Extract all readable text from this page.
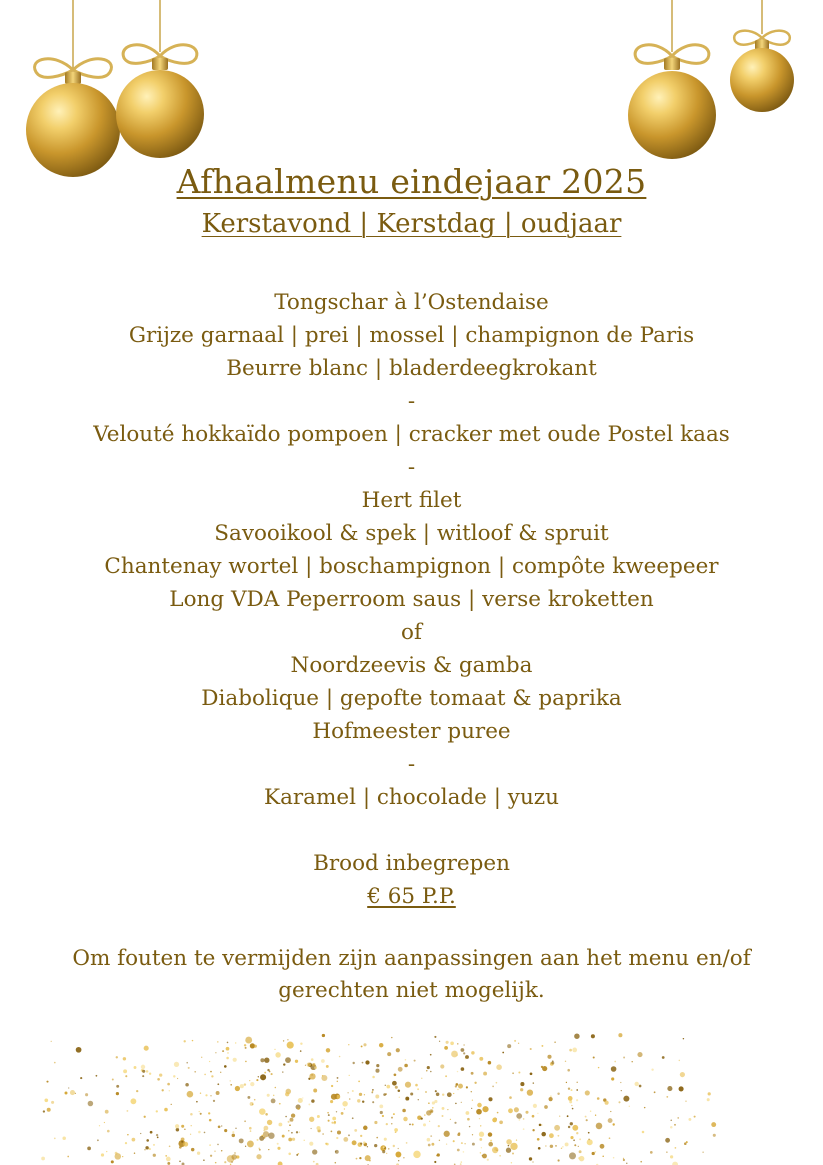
Afhaalmenu eindejaar 2025
Kerstavond | Kerstdag | oudjaar
Tongschar à l’Ostendaise
Grijze garnaal | prei | mossel | champignon de Paris
Beurre blanc | bladerdeegkrokant
-
Velouté hokkaïdo pompoen | cracker met oude Postel kaas
-
Hert filet
Savooikool & spek | witloof & spruit
Chantenay wortel | boschampignon | compôte kweepeer
Long VDA Peperroom saus | verse kroketten
of
Noordzeevis & gamba
Diabolique | gepofte tomaat & paprika
Hofmeester puree
-
Karamel | chocolade | yuzu
Brood inbegrepen
€ 65 P.P.
Om fouten te vermijden zijn aanpassingen aan het menu en/of
gerechten niet mogelijk.
